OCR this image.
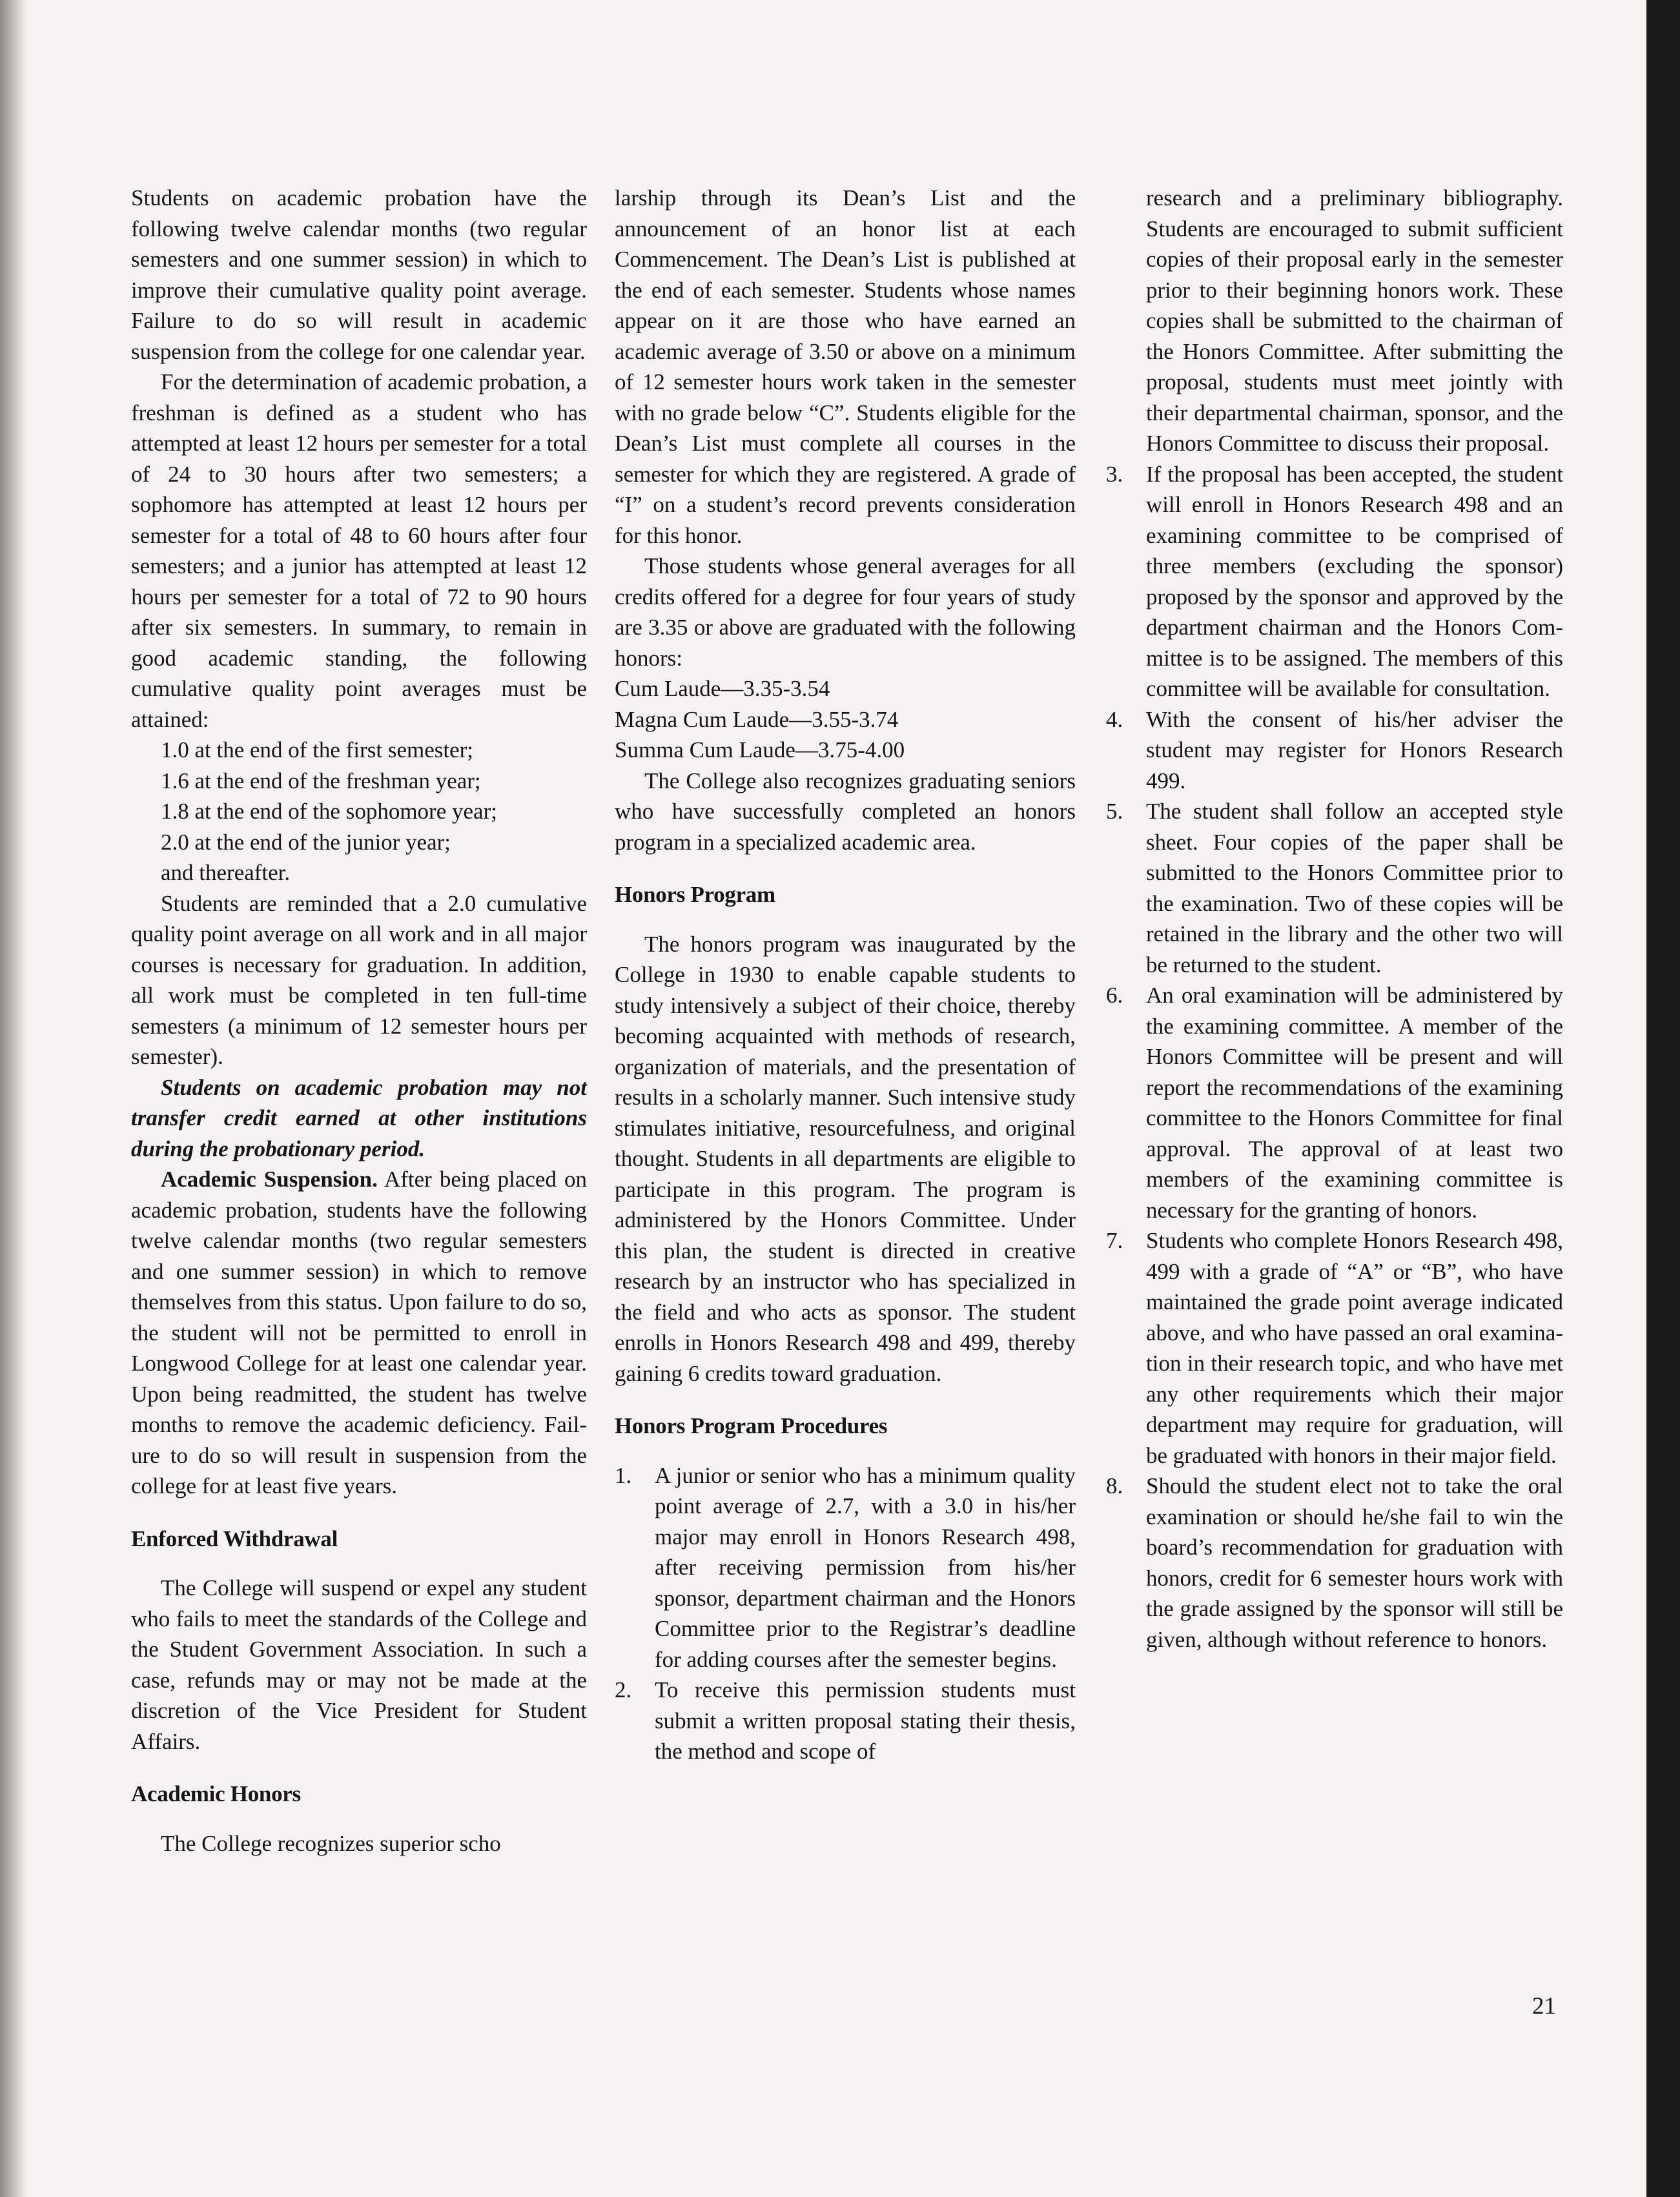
Students on academic probation have the following twelve calendar months (two regular semesters and one summer session) in which to improve their cumulative quality point average. Failure to do so will result in academic suspension from the college for one calendar year.

For the determination of academic probation, a freshman is defined as a student who has attempted at least 12 hours per semester for a total of 24 to 30 hours after two semesters; a sophomore has attempted at least 12 hours per semester for a total of 48 to 60 hours after four semesters; and a junior has attempted at least 12 hours per semester for a total of 72 to 90 hours after six semesters. In summary, to remain in good academic standing, the following cumulative quality point averages must be attained:

1.0 at the end of the first semester;

1.6 at the end of the freshman year;

1.8 at the end of the sophomore year;

2.0 at the end of the junior year;

and thereafter.

Students are reminded that a 2.0 cumulative quality point average on all work and in all major courses is necessary for graduation. In addition, all work must be completed in ten full-time semesters (a minimum of 12 semester hours per semester).

Students on academic probation may not transfer credit earned at other institutions during the probationary period.

Academic Suspension. After being placed on academic probation, students have the following twelve calendar months (two regular semesters and one summer session) in which to remove themselves from this status. Upon failure to do so, the student will not be permitted to enroll in Longwood College for at least one calendar year. Upon being readmitted, the student has twelve months to remove the academic deficiency. Failure to do so will result in suspension from the college for at least five years.

Enforced Withdrawal

The College will suspend or expel any student who fails to meet the standards of the College and the Student Government Association. In such a case, refunds may or may not be made at the discretion of the Vice President for Student Affairs.

Academic Honors

The College recognizes superior scho

larship through its Dean’s List and the announcement of an honor list at each Commencement. The Dean’s List is published at the end of each semester. Students whose names appear on it are those who have earned an academic average of 3.50 or above on a minimum of 12 semester hours work taken in the semester with no grade below “C”. Students eligible for the Dean’s List must complete all courses in the semester for which they are registered. A grade of “I” on a student’s record prevents consideration for this honor.

Those students whose general averages for all credits offered for a degree for four years of study are 3.35 or above are graduated with the following honors:

Cum Laude—3.35-3.54

Magna Cum Laude—3.55-3.74

Summa Cum Laude—3.75-4.00

The College also recognizes graduating seniors who have successfully completed an honors program in a specialized academic area.

Honors Program

The honors program was inaugurated by the College in 1930 to enable capable students to study intensively a subject of their choice, thereby becoming acquainted with methods of research, organization of materials, and the presentation of results in a scholarly manner. Such intensive study stimulates initiative, resourcefulness, and original thought. Students in all departments are eligible to participate in this program. The program is administered by the Honors Committee. Under this plan, the student is directed in creative research by an instructor who has specialized in the field and who acts as sponsor. The student enrolls in Honors Research 498 and 499, thereby gaining 6 credits toward graduation.

Honors Program Procedures
1. A junior or senior who has a minimum quality point average of 2.7, with a 3.0 in his/her major may enroll in Honors Research 498, after receiving permission from his/her sponsor, department chairman and the Honors Committee prior to the Registrar’s deadline for adding courses after the semester begins.
2. To receive this permission students must submit a written proposal stating their thesis, the method and scope of
research and a preliminary bibliography. Students are encouraged to submit sufficient copies of their proposal early in the semester prior to their beginning honors work. These copies shall be submitted to the chairman of the Honors Committee. After submitting the proposal, students must meet jointly with their departmental chairman, sponsor, and the Honors Committee to discuss their proposal.
3. If the proposal has been accepted, the student will enroll in Honors Research 498 and an examining committee to be comprised of three members (excluding the sponsor) proposed by the sponsor and approved by the department chairman and the Honors Committee is to be assigned. The members of this committee will be available for consultation.
4. With the consent of his/her adviser the student may register for Honors Research 499.
5. The student shall follow an accepted style sheet. Four copies of the paper shall be submitted to the Honors Committee prior to the examination. Two of these copies will be retained in the library and the other two will be returned to the student.
6. An oral examination will be administered by the examining committee. A member of the Honors Committee will be present and will report the recommendations of the examining committee to the Honors Committee for final approval. The approval of at least two members of the examining committee is necessary for the granting of honors.
7. Students who complete Honors Research 498, 499 with a grade of “A” or “B”, who have maintained the grade point average indicated above, and who have passed an oral examination in their research topic, and who have met any other requirements which their major department may require for graduation, will be graduated with honors in their major field.
8. Should the student elect not to take the oral examination or should he/she fail to win the board’s recommendation for graduation with honors, credit for 6 semester hours work with the grade assigned by the sponsor will still be given, although without reference to honors.
21
